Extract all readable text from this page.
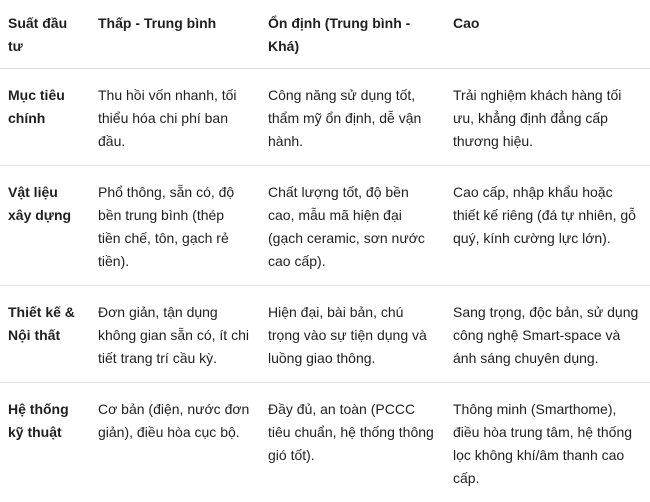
Suất đầu tư	Thấp - Trung bình	Ổn định (Trung bình - Khá)	Cao
Mục tiêu chính	Thu hồi vốn nhanh, tối thiểu hóa chi phí ban đầu.	Công năng sử dụng tốt, thẩm mỹ ổn định, dễ vận hành.	Trải nghiệm khách hàng tối ưu, khẳng định đẳng cấp thương hiệu.
Vật liệu xây dựng	Phổ thông, sẵn có, độ bền trung bình (thép tiền chế, tôn, gạch rẻ tiền).	Chất lượng tốt, độ bền cao, mẫu mã hiện đại (gạch ceramic, sơn nước cao cấp).	Cao cấp, nhập khẩu hoặc thiết kế riêng (đá tự nhiên, gỗ quý, kính cường lực lớn).
Thiết kế & Nội thất	Đơn giản, tận dụng không gian sẵn có, ít chi tiết trang trí cầu kỳ.	Hiện đại, bài bản, chú trọng vào sự tiện dụng và luồng giao thông.	Sang trọng, độc bản, sử dụng công nghệ Smart-space và ánh sáng chuyên dụng.
Hệ thống kỹ thuật	Cơ bản (điện, nước đơn giản), điều hòa cục bộ.	Đầy đủ, an toàn (PCCC tiêu chuẩn, hệ thống thông gió tốt).	Thông minh (Smarthome), điều hòa trung tâm, hệ thống lọc không khí/âm thanh cao cấp.
